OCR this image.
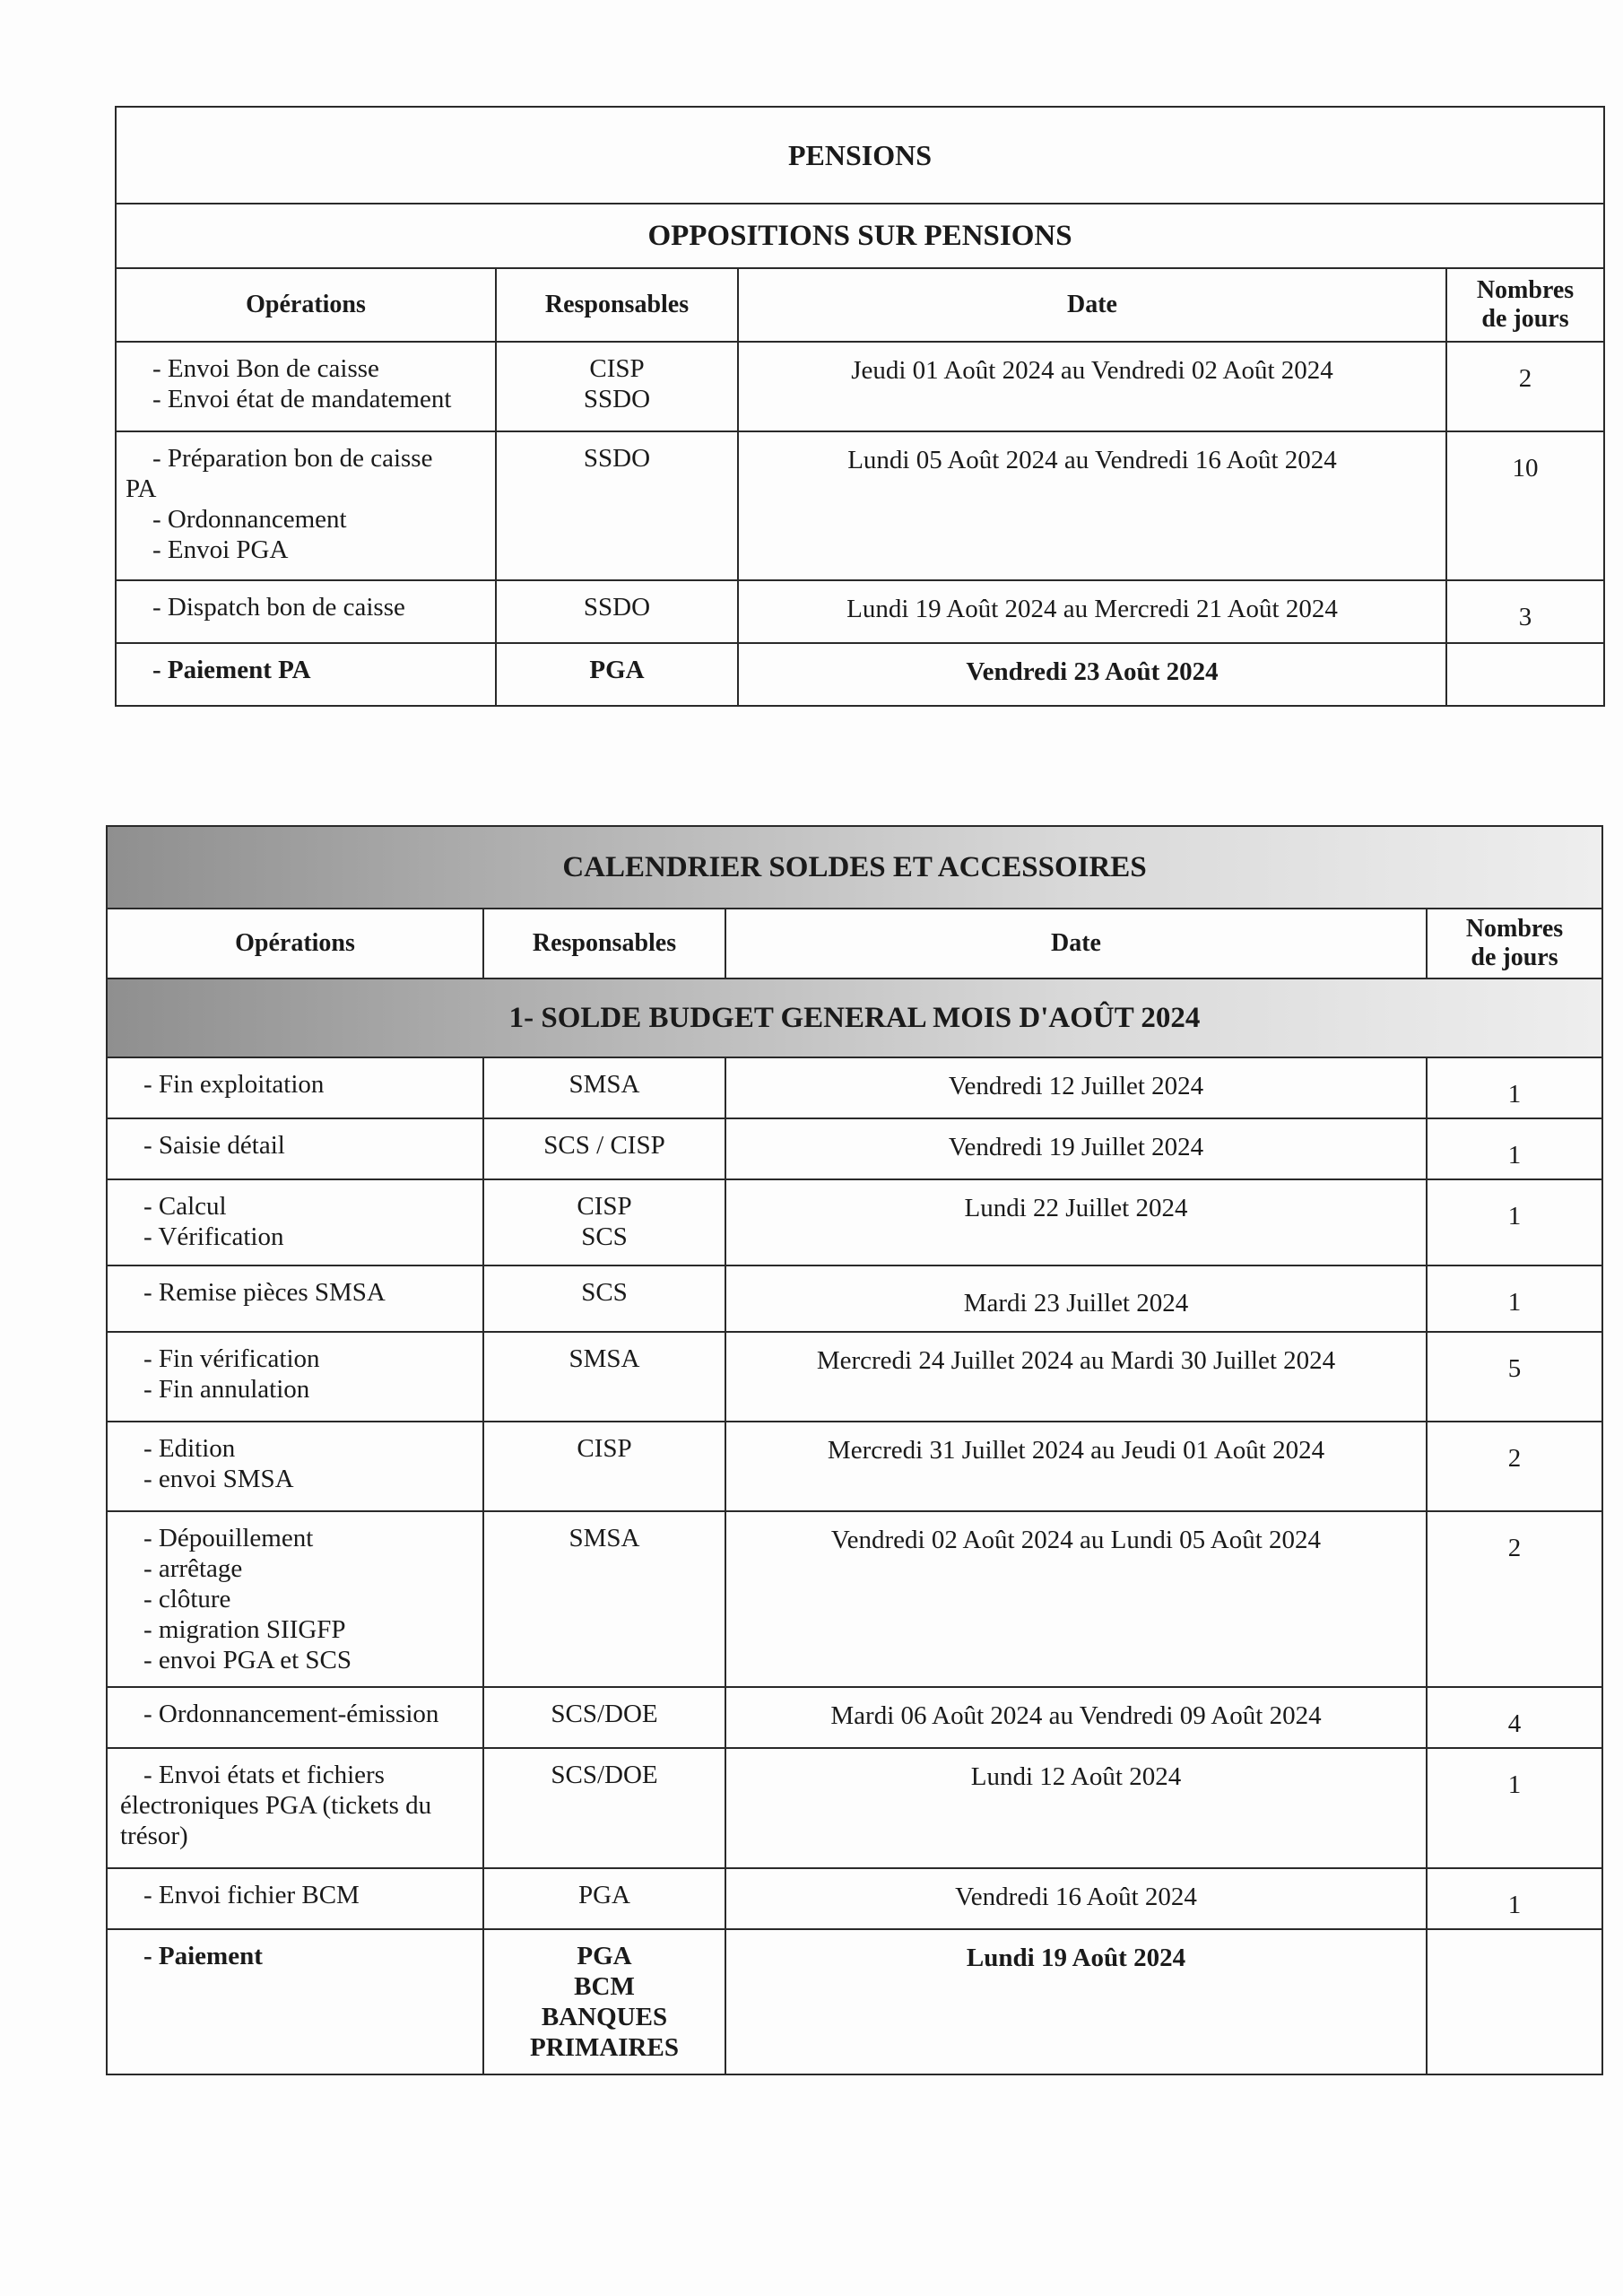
PENSIONS			
OPPOSITIONS SUR PENSIONS			
Opérations	Responsables	Date	Nombres
de jours

- Envoi Bon de caisse
- Envoi état de mandatement	CISP
SSDO	Jeudi 01 Août 2024 au Vendredi 02 Août 2024	2

- Préparation bon de caisse
PA
- Ordonnancement
- Envoi PGA	SSDO	Lundi 05 Août 2024 au Vendredi 16 Août 2024	10

- Dispatch bon de caisse	SSDO	Lundi 19 Août 2024 au Mercredi 21 Août 2024	3

- Paiement PA	PGA	Vendredi 23 Août 2024	
CALENDRIER SOLDES ET ACCESSOIRES			
Opérations	Responsables	Date	Nombres
de jours

1- SOLDE BUDGET GENERAL MOIS D'AOÛT 2024			

- Fin exploitation	SMSA	Vendredi 12 Juillet 2024	1

- Saisie détail	SCS / CISP	Vendredi 19 Juillet 2024	1

- Calcul
- Vérification	CISP
SCS	Lundi 22 Juillet 2024	1

- Remise pièces SMSA	SCS	Mardi 23 Juillet 2024	1

- Fin vérification
- Fin annulation	SMSA	Mercredi 24 Juillet 2024 au Mardi 30 Juillet 2024	5

- Edition
- envoi SMSA	CISP	Mercredi 31 Juillet 2024 au Jeudi 01 Août 2024	2

- Dépouillement
- arrêtage
- clôture
- migration SIIGFP
- envoi PGA et SCS	SMSA	Vendredi 02 Août 2024 au Lundi 05 Août 2024	2

- Ordonnancement-émission	SCS/DOE	Mardi 06 Août 2024 au Vendredi 09 Août 2024	4

- Envoi états et fichiers
électroniques PGA (tickets du
trésor)	SCS/DOE	Lundi 12 Août 2024	1

- Envoi fichier BCM	PGA	Vendredi 16 Août 2024	1

- Paiement	PGA
BCM
BANQUES
PRIMAIRES	Lundi 19 Août 2024	
